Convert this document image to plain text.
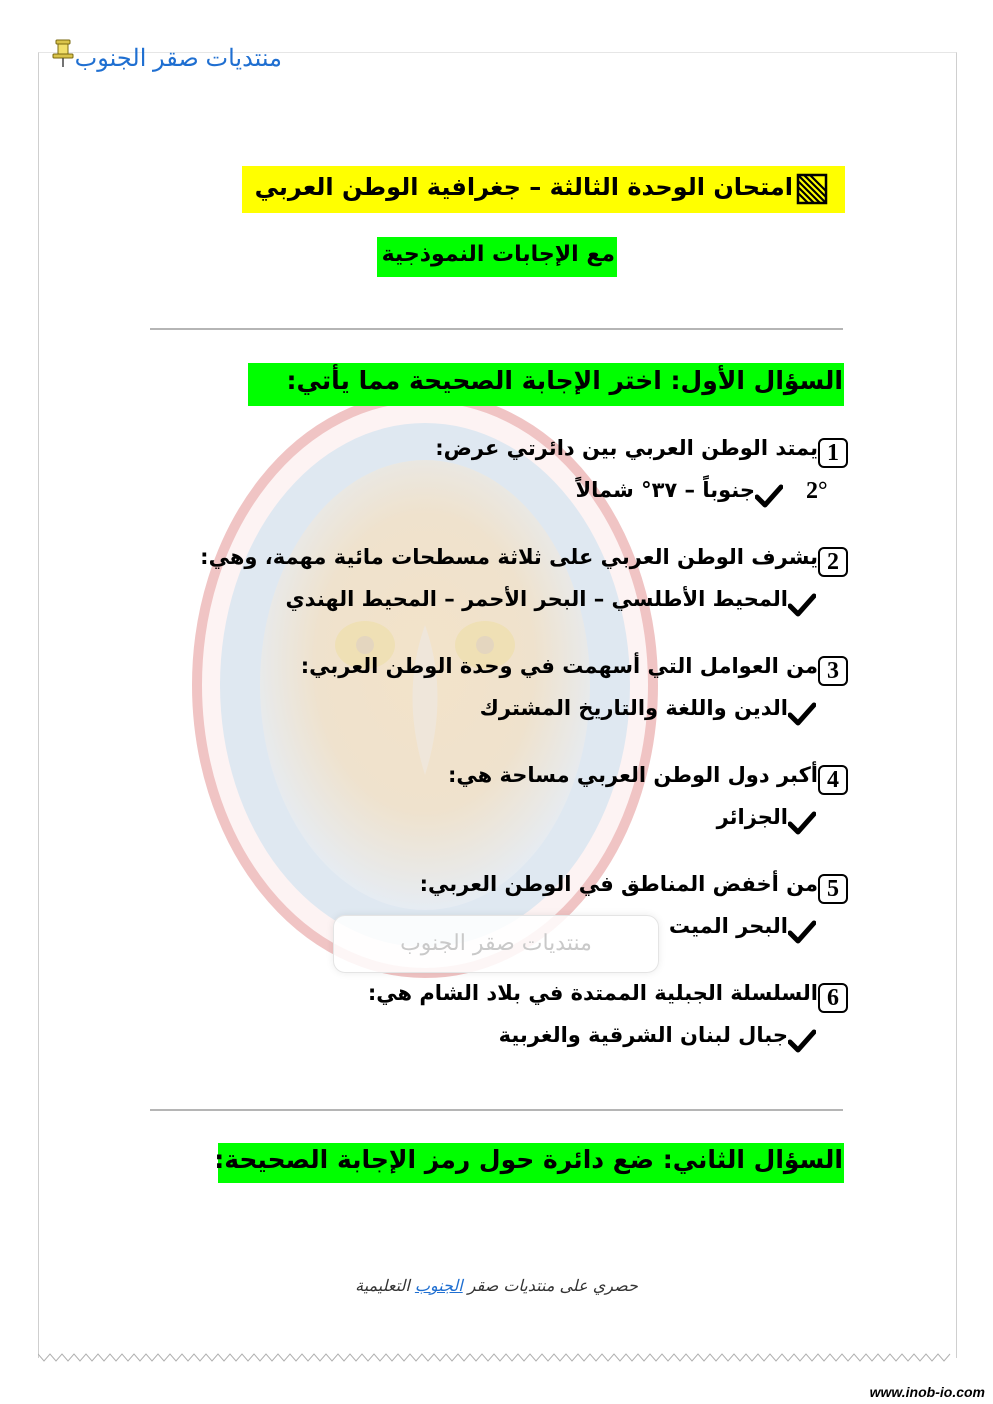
منتديات صقر الجنوب
منتديات صقر الجنوب
امتحان الوحدة الثالثة – جغرافية الوطن العربي
مع الإجابات النموذجية
السؤال الأول: اختر الإجابة الصحيحة مما يأتي:
1
يمتد الوطن العربي بين دائرتي عرض:
2°
جنوباً – ٣٧° شمالاً
2
يشرف الوطن العربي على ثلاثة مسطحات مائية مهمة، وهي:
المحيط الأطلسي – البحر الأحمر – المحيط الهندي
3
من العوامل التي أسهمت في وحدة الوطن العربي:
الدين واللغة والتاريخ المشترك
4
أكبر دول الوطن العربي مساحة هي:
الجزائر
5
من أخفض المناطق في الوطن العربي:
البحر الميت
6
السلسلة الجبلية الممتدة في بلاد الشام هي:
جبال لبنان الشرقية والغربية
السؤال الثاني: ضع دائرة حول رمز الإجابة الصحيحة:
حصري على منتديات صقر الجنوب التعليمية
www.inob-io.com
